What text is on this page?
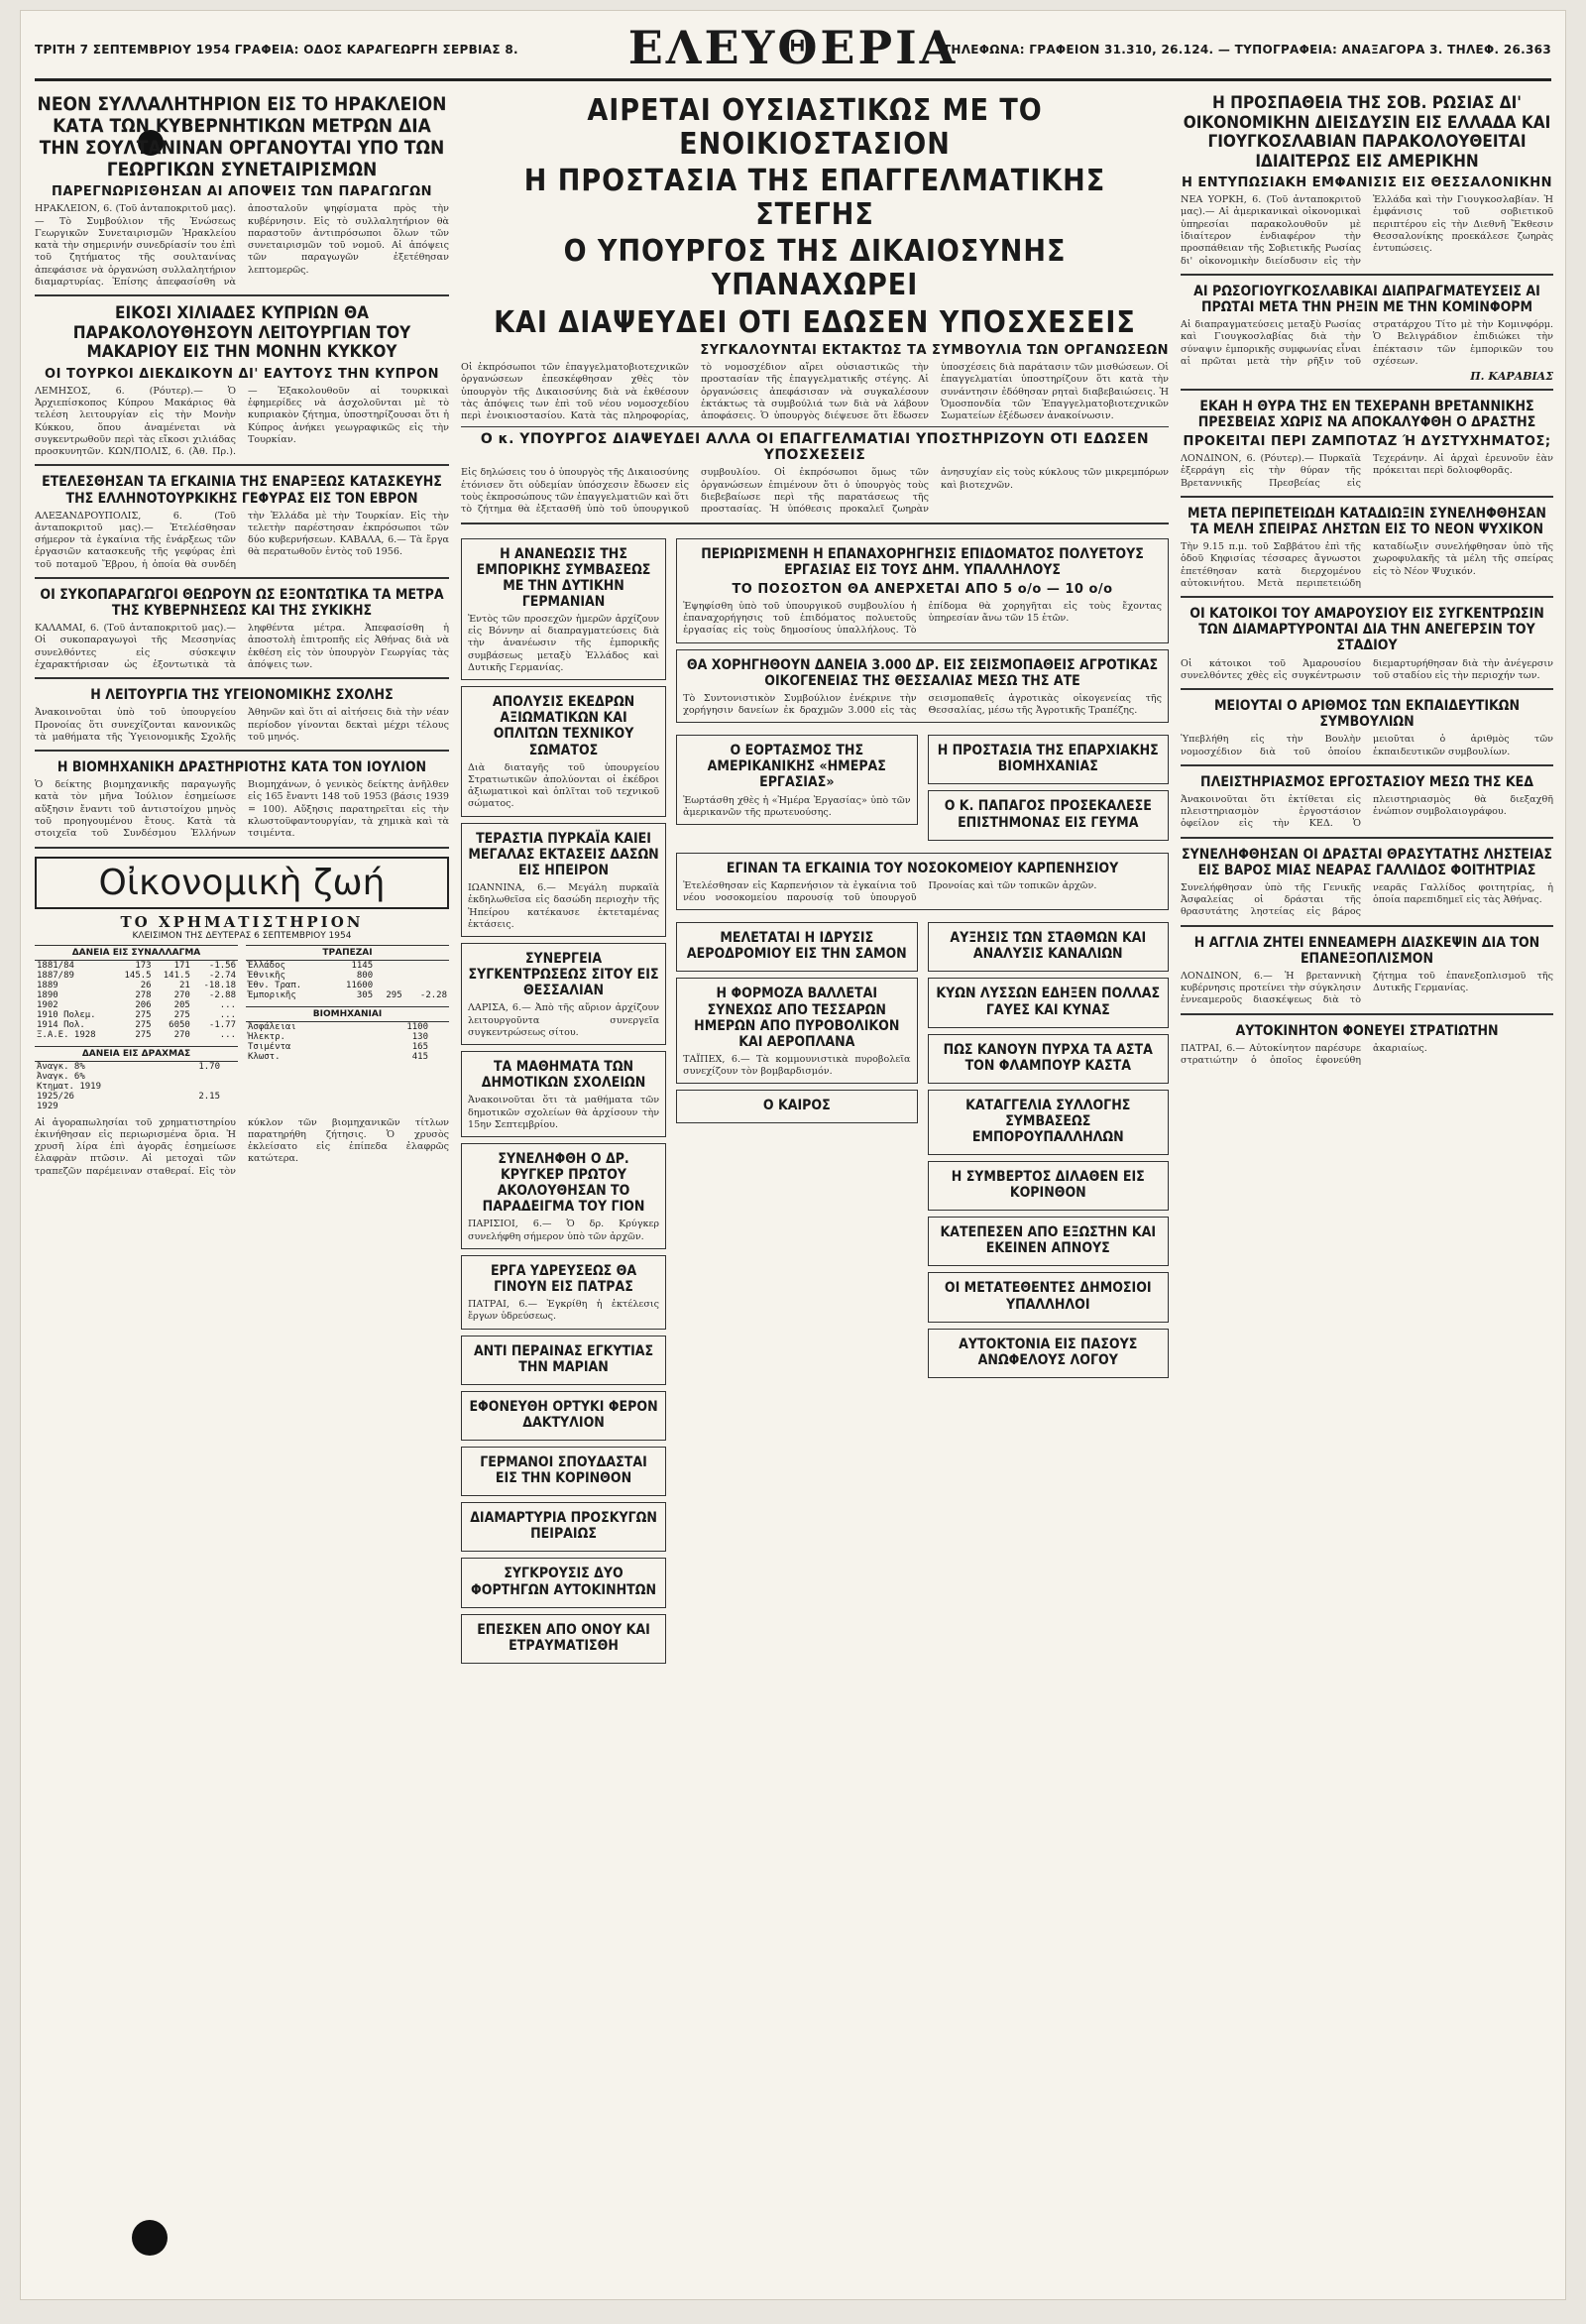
ΤΡΙΤΗ 7 ΣΕΠΤΕΜΒΡΙΟΥ 1954 ΓΡΑΦΕΙΑ: ΟΔΟΣ ΚΑΡΑΓΕΩΡΓΗ ΣΕΡΒΙΑΣ 8.	ΕΛΕΥΘΕΡΙΑ
ΤΗΛΕΦΩΝΑ: ΓΡΑΦΕΙΟΝ 31.310, 26.124. — ΤΥΠΟΓΡΑΦΕΙΑ: ΑΝΑΞΑΓΟΡΑ 3. ΤΗΛΕΦ. 26.363
ΝΕΟΝ ΣΥΛΛΑΛΗΤΗΡΙΟΝ ΕΙΣ ΤΟ ΗΡΑΚΛΕΙΟΝ ΚΑΤΑ ΤΩΝ ΚΥΒΕΡΝΗΤΙΚΩΝ ΜΕΤΡΩΝ ΔΙΑ ΤΗΝ ΣΟΥΛΤΑΝΙΝΑΝ ΟΡΓΑΝΟΥΤΑΙ ΥΠΟ ΤΩΝ ΓΕΩΡΓΙΚΩΝ ΣΥΝΕΤΑΙΡΙΣΜΩΝ
ΠΑΡΕΓΝΩΡΙΣΘΗΣΑΝ ΑΙ ΑΠΟΨΕΙΣ ΤΩΝ ΠΑΡΑΓΩΓΩΝ
ΗΡΑΚΛΕΙΟΝ, 6. (Τοῦ ἀνταποκριτοῦ μας).— Τὸ Συμβούλιον τῆς Ἑνώσεως Γεωργικῶν Συνεταιρισμῶν Ἡρακλείου κατὰ τὴν σημερινήν συνεδρίασίν του ἐπὶ τοῦ ζητήματος τῆς σουλτανίνας ἀπεφάσισε νὰ ὀργανώση συλλαλητήριον διαμαρτυρίας. Ἐπίσης ἀπεφασίσθη νὰ ἀποσταλοῦν ψηφίσματα πρὸς τὴν κυβέρνησιν. Εἰς τὸ συλλαλητήριον θὰ παραστοῦν ἀντιπρόσωποι ὅλων τῶν συνεταιρισμῶν τοῦ νομοῦ. Αἱ ἀπόψεις τῶν παραγωγῶν ἐξετέθησαν λεπτομερῶς.
ΕΙΚΟΣΙ ΧΙΛΙΑΔΕΣ ΚΥΠΡΙΩΝ ΘΑ ΠΑΡΑΚΟΛΟΥΘΗΣΟΥΝ ΛΕΙΤΟΥΡΓΙΑΝ ΤΟΥ ΜΑΚΑΡΙΟΥ ΕΙΣ ΤΗΝ ΜΟΝΗΝ ΚΥΚΚΟΥ
ΟΙ ΤΟΥΡΚΟΙ ΔΙΕΚΔΙΚΟΥΝ ΔΙ' ΕΑΥΤΟΥΣ ΤΗΝ ΚΥΠΡΟΝ
ΛΕΜΗΣΟΣ, 6. (Ρόυτερ).— Ὁ Ἀρχιεπίσκοπος Κύπρου Μακάριος θὰ τελέση λειτουργίαν εἰς τὴν Μονὴν Κύκκου, ὅπου ἀναμένεται νὰ συγκεντρωθοῦν περὶ τὰς εἴκοσι χιλιάδας προσκυνητῶν. ΚΩΝ/ΠΟΛΙΣ, 6. (Ἀθ. Πρ.).— Ἐξακολουθοῦν αἱ τουρκικαὶ ἐφημερίδες νὰ ἀσχολοῦνται μὲ τὸ κυπριακὸν ζήτημα, ὑποστηρίζουσαι ὅτι ἡ Κύπρος ἀνήκει γεωγραφικῶς εἰς τὴν Τουρκίαν.
ΕΤΕΛΕΣΘΗΣΑΝ ΤΑ ΕΓΚΑΙΝΙΑ ΤΗΣ ΕΝΑΡΞΕΩΣ ΚΑΤΑΣΚΕΥΗΣ ΤΗΣ ΕΛΛΗΝΟΤΟΥΡΚΙΚΗΣ ΓΕΦΥΡΑΣ ΕΙΣ ΤΟΝ ΕΒΡΟΝ
ΑΛΕΞΑΝΔΡΟΥΠΟΛΙΣ, 6. (Τοῦ ἀνταποκριτοῦ μας).— Ἐτελέσθησαν σήμερον τὰ ἐγκαίνια τῆς ἐνάρξεως τῶν ἐργασιῶν κατασκευῆς τῆς γεφύρας ἐπὶ τοῦ ποταμοῦ Ἔβρου, ἡ ὁποία θὰ συνδέη τὴν Ἑλλάδα μὲ τὴν Τουρκίαν. Εἰς τὴν τελετὴν παρέστησαν ἐκπρόσωποι τῶν δύο κυβερνήσεων. ΚΑΒΑΛΑ, 6.— Τὰ ἔργα θὰ περατωθοῦν ἐντὸς τοῦ 1956.
ΟΙ ΣΥΚΟΠΑΡΑΓΩΓΟΙ ΘΕΩΡΟΥΝ ΩΣ ΕΞΟΝΤΩΤΙΚΑ ΤΑ ΜΕΤΡΑ ΤΗΣ ΚΥΒΕΡΝΗΣΕΩΣ ΚΑΙ ΤΗΣ ΣΥΚΙΚΗΣ
ΚΑΛΑΜΑΙ, 6. (Τοῦ ἀνταποκριτοῦ μας).— Οἱ συκοπαραγωγοὶ τῆς Μεσσηνίας συνελθόντες εἰς σύσκεψιν ἐχαρακτήρισαν ὡς ἐξοντωτικὰ τὰ ληφθέντα μέτρα. Ἀπεφασίσθη ἡ ἀποστολὴ ἐπιτροπῆς εἰς Ἀθήνας διὰ νὰ ἐκθέση εἰς τὸν ὑπουργὸν Γεωργίας τὰς ἀπόψεις των.
Η ΛΕΙΤΟΥΡΓΙΑ ΤΗΣ ΥΓΕΙΟΝΟΜΙΚΗΣ ΣΧΟΛΗΣ
Ἀνακοινοῦται ὑπὸ τοῦ ὑπουργείου Προνοίας ὅτι συνεχίζονται κανονικῶς τὰ μαθήματα τῆς Ὑγειονομικῆς Σχολῆς Ἀθηνῶν καὶ ὅτι αἱ αἰτήσεις διὰ τὴν νέαν περίοδον γίνονται δεκταὶ μέχρι τέλους τοῦ μηνός.
Η ΒΙΟΜΗΧΑΝΙΚΗ ΔΡΑΣΤΗΡΙΟΤΗΣ ΚΑΤΑ ΤΟΝ ΙΟΥΛΙΟΝ
Ὁ δείκτης βιομηχανικῆς παραγωγῆς κατὰ τὸν μῆνα Ἰούλιον ἐσημείωσε αὔξησιν ἔναντι τοῦ ἀντιστοίχου μηνὸς τοῦ προηγουμένου ἔτους. Κατὰ τὰ στοιχεῖα τοῦ Συνδέσμου Ἑλλήνων Βιομηχάνων, ὁ γενικὸς δείκτης ἀνῆλθεν εἰς 165 ἔναντι 148 τοῦ 1953 (βάσις 1939 = 100). Αὔξησις παρατηρεῖται εἰς τὴν κλωστοϋφαντουργίαν, τὰ χημικὰ καὶ τὰ τσιμέντα.
Οἰκονομικὴ ζωή
ΤΟ ΧΡΗΜΑΤΙΣΤΗΡΙΟΝ
ΚΛΕΙΣΙΜΟΝ ΤΗΣ ΔΕΥΤΕΡΑΣ 6 ΣΕΠΤΕΜΒΡΙΟΥ 1954
ΔΑΝΕΙΑ ΕΙΣ ΣΥΝΑΛΛΑΓΜΑ			
1881/84	173	171	-1.56
1887/89	145.5	141.5	-2.74
1889	26	21	-18.18
1890	278	270	-2.88
1902	206	205	...
1910 Πολεμ.	275	275	...
1914 Πολ.	275	6050	-1.77
Ξ.Α.Ε. 1928	275	270	...
ΔΑΝΕΙΑ ΕΙΣ ΔΡΑΧΜΑΣ			
Ἀναγκ. 8%	1.70		
Ἀναγκ. 6%			
Κτηματ. 1919			
1925/26	2.15		
1929			
ΤΡΑΠΕΖΑΙ			
Ἑλλάδος	1145		
Ἐθνικῆς	800		
Ἐθν. Τραπ.	11600		
Ἐμπορικῆς	305	295	-2.28
ΒΙΟΜΗΧΑΝΙΑΙ			
Ἀσφάλειαι	1100		
Ἠλεκτρ.	130		
Τσιμέντα	165		
Κλωστ.	415		
Αἱ ἀγοραπωλησίαι τοῦ χρηματιστηρίου ἐκινήθησαν εἰς περιωρισμένα ὅρια. Ἡ χρυσῆ λίρα ἐπὶ ἀγορᾶς ἐσημείωσε ἐλαφρὰν πτῶσιν. Αἱ μετοχαὶ τῶν τραπεζῶν παρέμειναν σταθεραί. Εἰς τὸν κύκλον τῶν βιομηχανικῶν τίτλων παρατηρήθη ζήτησις. Ὁ χρυσὸς ἐκλείσατο εἰς ἐπίπεδα ἐλαφρῶς κατώτερα.
ΑΙΡΕΤΑΙ ΟΥΣΙΑΣΤΙΚΩΣ ΜΕ ΤΟ ΕΝΟΙΚΙΟΣΤΑΣΙΟΝ
Η ΠΡΟΣΤΑΣΙΑ ΤΗΣ ΕΠΑΓΓΕΛΜΑΤΙΚΗΣ ΣΤΕΓΗΣ
Ο ΥΠΟΥΡΓΟΣ ΤΗΣ ΔΙΚΑΙΟΣΥΝΗΣ ΥΠΑΝΑΧΩΡΕΙ
ΚΑΙ ΔΙΑΨΕΥΔΕΙ ΟΤΙ ΕΔΩΣΕΝ ΥΠΟΣΧΕΣΕΙΣ
ΣΥΓΚΑΛΟΥΝΤΑΙ ΕΚΤΑΚΤΩΣ ΤΑ ΣΥΜΒΟΥΛΙΑ ΤΩΝ ΟΡΓΑΝΩΣΕΩΝ
Οἱ ἐκπρόσωποι τῶν ἐπαγγελματοβιοτεχνικῶν ὀργανώσεων ἐπεσκέφθησαν χθὲς τὸν ὑπουργὸν τῆς Δικαιοσύνης διὰ νὰ ἐκθέσουν τὰς ἀπόψεις των ἐπὶ τοῦ νέου νομοσχεδίου περὶ ἐνοικιοστασίου. Κατὰ τὰς πληροφορίας, τὸ νομοσχέδιον αἴρει οὐσιαστικῶς τὴν προστασίαν τῆς ἐπαγγελματικῆς στέγης. Αἱ ὀργανώσεις ἀπεφάσισαν νὰ συγκαλέσουν ἐκτάκτως τὰ συμβούλιά των διὰ νὰ λάβουν ἀποφάσεις. Ὁ ὑπουργὸς διέψευσε ὅτι ἔδωσεν ὑποσχέσεις διὰ παράτασιν τῶν μισθώσεων. Οἱ ἐπαγγελματίαι ὑποστηρίζουν ὅτι κατὰ τὴν συνάντησιν ἐδόθησαν ρηταὶ διαβεβαιώσεις. Ἡ Ὁμοσπονδία τῶν Ἐπαγγελματοβιοτεχνικῶν Σωματείων ἐξέδωσεν ἀνακοίνωσιν.
Ο κ. ΥΠΟΥΡΓΟΣ ΔΙΑΨΕΥΔΕΙ ΑΛΛΑ ΟΙ ΕΠΑΓΓΕΛΜΑΤΙΑΙ ΥΠΟΣΤΗΡΙΖΟΥΝ ΟΤΙ ΕΔΩΣΕΝ ΥΠΟΣΧΕΣΕΙΣ
Εἰς δηλώσεις του ὁ ὑπουργὸς τῆς Δικαιοσύνης ἐτόνισεν ὅτι οὐδεμίαν ὑπόσχεσιν ἔδωσεν εἰς τοὺς ἐκπροσώπους τῶν ἐπαγγελματιῶν καὶ ὅτι τὸ ζήτημα θὰ ἐξετασθῆ ὑπὸ τοῦ ὑπουργικοῦ συμβουλίου. Οἱ ἐκπρόσωποι ὅμως τῶν ὀργανώσεων ἐπιμένουν ὅτι ὁ ὑπουργὸς τοὺς διεβεβαίωσε περὶ τῆς παρατάσεως τῆς προστασίας. Ἡ ὑπόθεσις προκαλεῖ ζωηρὰν ἀνησυχίαν εἰς τοὺς κύκλους τῶν μικρεμπόρων καὶ βιοτεχνῶν.
Η ΑΝΑΝΕΩΣΙΣ ΤΗΣ ΕΜΠΟΡΙΚΗΣ ΣΥΜΒΑΣΕΩΣ ΜΕ ΤΗΝ ΔΥΤΙΚΗΝ ΓΕΡΜΑΝΙΑΝ
Ἐντὸς τῶν προσεχῶν ἡμερῶν ἀρχίζουν εἰς Βόννην αἱ διαπραγματεύσεις διὰ τὴν ἀνανέωσιν τῆς ἐμπορικῆς συμβάσεως μεταξὺ Ἑλλάδος καὶ Δυτικῆς Γερμανίας.
ΑΠΟΛΥΣΙΣ ΕΚΕΔΡΩΝ ΑΞΙΩΜΑΤΙΚΩΝ ΚΑΙ ΟΠΛΙΤΩΝ ΤΕΧΝΙΚΟΥ ΣΩΜΑΤΟΣ
Διὰ διαταγῆς τοῦ ὑπουργείου Στρατιωτικῶν ἀπολύονται οἱ ἐκέδροι ἀξιωματικοὶ καὶ ὁπλῖται τοῦ τεχνικοῦ σώματος.
ΤΕΡΑΣΤΙΑ ΠΥΡΚΑΪΑ ΚΑΙΕΙ ΜΕΓΑΛΑΣ ΕΚΤΑΣΕΙΣ ΔΑΣΩΝ ΕΙΣ ΗΠΕΙΡΟΝ
ΙΩΑΝΝΙΝΑ, 6.— Μεγάλη πυρκαϊὰ ἐκδηλωθεῖσα εἰς δασώδη περιοχὴν τῆς Ἠπείρου κατέκαυσε ἐκτεταμένας ἐκτάσεις.
ΣΥΝΕΡΓΕΙΑ ΣΥΓΚΕΝΤΡΩΣΕΩΣ ΣΙΤΟΥ ΕΙΣ ΘΕΣΣΑΛΙΑΝ
ΛΑΡΙΣΑ, 6.— Ἀπὸ τῆς αὔριον ἀρχίζουν λειτουργοῦντα συνεργεῖα συγκεντρώσεως σίτου.
ΤΑ ΜΑΘΗΜΑΤΑ ΤΩΝ ΔΗΜΟΤΙΚΩΝ ΣΧΟΛΕΙΩΝ
Ἀνακοινοῦται ὅτι τὰ μαθήματα τῶν δημοτικῶν σχολείων θὰ ἀρχίσουν τὴν 15ην Σεπτεμβρίου.
ΣΥΝΕΛΗΦΘΗ Ο ΔΡ. ΚΡΥΓΚΕΡ ΠΡΩΤΟΥ ΑΚΟΛΟΥΘΗΣΑΝ ΤΟ ΠΑΡΑΔΕΙΓΜΑ ΤΟΥ ΓΙΟΝ
ΠΑΡΙΣΙΟΙ, 6.— Ὁ δρ. Κρύγκερ συνελήφθη σήμερον ὑπὸ τῶν ἀρχῶν.
ΕΡΓΑ ΥΔΡΕΥΣΕΩΣ ΘΑ ΓΙΝΟΥΝ ΕΙΣ ΠΑΤΡΑΣ
ΠΑΤΡΑΙ, 6.— Ἐγκρίθη ἡ ἐκτέλεσις ἔργων ὑδρεύσεως.
ΑΝΤΙ ΠΕΡΑΙΝΑΣ ΕΓΚΥΤΙΑΣ ΤΗΝ ΜΑΡΙΑΝ
ΕΦΟΝΕΥΘΗ ΟΡΤΥΚΙ ΦΕΡΟΝ ΔΑΚΤΥΛΙΟΝ
ΓΕΡΜΑΝΟΙ ΣΠΟΥΔΑΣΤΑΙ ΕΙΣ ΤΗΝ ΚΟΡΙΝΘΟΝ
ΔΙΑΜΑΡΤΥΡΙΑ ΠΡΟΣΚΥΓΩΝ ΠΕΙΡΑΙΩΣ
ΣΥΓΚΡΟΥΣΙΣ ΔΥΟ ΦΟΡΤΗΓΩΝ ΑΥΤΟΚΙΝΗΤΩΝ
ΕΠΕΣΚΕΝ ΑΠΟ ΟΝΟΥ ΚΑΙ ΕΤΡΑΥΜΑΤΙΣΘΗ
ΠΕΡΙΩΡΙΣΜΕΝΗ Η ΕΠΑΝΑΧΟΡΗΓΗΣΙΣ ΕΠΙΔΟΜΑΤΟΣ ΠΟΛΥΕΤΟΥΣ ΕΡΓΑΣΙΑΣ ΕΙΣ ΤΟΥΣ ΔΗΜ. ΥΠΑΛΛΗΛΟΥΣ
ΤΟ ΠΟΣΟΣΤΟΝ ΘΑ ΑΝΕΡΧΕΤΑΙ ΑΠΟ 5 ο/ο — 10 ο/ο
Ἐψηφίσθη ὑπὸ τοῦ ὑπουργικοῦ συμβουλίου ἡ ἐπαναχορήγησις τοῦ ἐπιδόματος πολυετοῦς ἐργασίας εἰς τοὺς δημοσίους ὑπαλλήλους. Τὸ ἐπίδομα θὰ χορηγῆται εἰς τοὺς ἔχοντας ὑπηρεσίαν ἄνω τῶν 15 ἐτῶν.
ΘΑ ΧΟΡΗΓΗΘΟΥΝ ΔΑΝΕΙΑ 3.000 ΔΡ. ΕΙΣ ΣΕΙΣΜΟΠΑΘΕΙΣ ΑΓΡΟΤΙΚΑΣ ΟΙΚΟΓΕΝΕΙΑΣ ΤΗΣ ΘΕΣΣΑΛΙΑΣ ΜΕΣΩ ΤΗΣ ΑΤΕ
Τὸ Συντονιστικὸν Συμβούλιον ἐνέκρινε τὴν χορήγησιν δανείων ἐκ δραχμῶν 3.000 εἰς τὰς σεισμοπαθεῖς ἀγροτικὰς οἰκογενείας τῆς Θεσσαλίας, μέσω τῆς Ἀγροτικῆς Τραπέζης.
Ο ΕΟΡΤΑΣΜΟΣ ΤΗΣ ΑΜΕΡΙΚΑΝΙΚΗΣ «ΗΜΕΡΑΣ ΕΡΓΑΣΙΑΣ»
Ἐωρτάσθη χθὲς ἡ «Ἡμέρα Ἐργασίας» ὑπὸ τῶν ἀμερικανῶν τῆς πρωτευούσης.
Η ΠΡΟΣΤΑΣΙΑ ΤΗΣ ΕΠΑΡΧΙΑΚΗΣ ΒΙΟΜΗΧΑΝΙΑΣ
Ο Κ. ΠΑΠΑΓΟΣ ΠΡΟΣΕΚΑΛΕΣΕ ΕΠΙΣΤΗΜΟΝΑΣ ΕΙΣ ΓΕΥΜΑ
ΕΓΙΝΑΝ ΤΑ ΕΓΚΑΙΝΙΑ ΤΟΥ ΝΟΣΟΚΟΜΕΙΟΥ ΚΑΡΠΕΝΗΣΙΟΥ
Ἐτελέσθησαν εἰς Καρπενήσιον τὰ ἐγκαίνια τοῦ νέου νοσοκομείου παρουσίᾳ τοῦ ὑπουργοῦ Προνοίας καὶ τῶν τοπικῶν ἀρχῶν.
ΜΕΛΕΤΑΤΑΙ Η ΙΔΡΥΣΙΣ ΑΕΡΟΔΡΟΜΙΟΥ ΕΙΣ ΤΗΝ ΣΑΜΟΝ
Η ΦΟΡΜΟΖΑ ΒΑΛΛΕΤΑΙ ΣΥΝΕΧΩΣ ΑΠΟ ΤΕΣΣΑΡΩΝ ΗΜΕΡΩΝ ΑΠΟ ΠΥΡΟΒΟΛΙΚΟΝ ΚΑΙ ΑΕΡΟΠΛΑΝΑ
ΤΑΪΠΕΧ, 6.— Τὰ κομμουνιστικὰ πυροβολεῖα συνεχίζουν τὸν βομβαρδισμόν.
Ο ΚΑΙΡΟΣ
ΑΥΞΗΣΙΣ ΤΩΝ ΣΤΑΘΜΩΝ ΚΑΙ ΑΝΑΛΥΣΙΣ ΚΑΝΑΛΙΩΝ
ΚΥΩΝ ΛΥΣΣΩΝ ΕΔΗΞΕΝ ΠΟΛΛΑΣ ΓΑΥΕΣ ΚΑΙ ΚΥΝΑΣ
ΠΩΣ ΚΑΝΟΥΝ ΠΥΡΧΑ ΤΑ ΑΣΤΑ ΤΟΝ ΦΛΑΜΠΟΥΡ ΚΑΣΤΑ
ΚΑΤΑΓΓΕΛΙΑ ΣΥΛΛΟΓΗΣ ΣΥΜΒΑΣΕΩΣ ΕΜΠΟΡΟΥΠΑΛΛΗΛΩΝ
Η ΣΥΜΒΕΡΤΟΣ ΔΙΛΑΘΕΝ ΕΙΣ ΚΟΡΙΝΘΟΝ
ΚΑΤΕΠΕΣΕΝ ΑΠΟ ΕΞΩΣΤΗΝ ΚΑΙ ΕΚΕΙΝΕΝ ΑΠΝΟΥΣ
ΟΙ ΜΕΤΑΤΕΘΕΝΤΕΣ ΔΗΜΟΣΙΟΙ ΥΠΑΛΛΗΛΟΙ
ΑΥΤΟΚΤΟΝΙΑ ΕΙΣ ΠΑΣΟΥΣ ΑΝΩΦΕΛΟΥΣ ΛΟΓΟΥ
Η ΠΡΟΣΠΑΘΕΙΑ ΤΗΣ ΣΟΒ. ΡΩΣΙΑΣ ΔΙ' ΟΙΚΟΝΟΜΙΚΗΝ ΔΙΕΙΣΔΥΣΙΝ ΕΙΣ ΕΛΛΑΔΑ ΚΑΙ ΓΙΟΥΓΚΟΣΛΑΒΙΑΝ ΠΑΡΑΚΟΛΟΥΘΕΙΤΑΙ ΙΔΙΑΙΤΕΡΩΣ ΕΙΣ ΑΜΕΡΙΚΗΝ
Η ΕΝΤΥΠΩΣΙΑΚΗ ΕΜΦΑΝΙΣΙΣ ΕΙΣ ΘΕΣΣΑΛΟΝΙΚΗΝ
ΝΕΑ ΥΟΡΚΗ, 6. (Τοῦ ἀνταποκριτοῦ μας).— Αἱ ἀμερικανικαὶ οἰκονομικαὶ ὑπηρεσίαι παρακολουθοῦν μὲ ἰδιαίτερον ἐνδιαφέρον τὴν προσπάθειαν τῆς Σοβιετικῆς Ρωσίας δι' οἰκονομικὴν διείσδυσιν εἰς τὴν Ἑλλάδα καὶ τὴν Γιουγκοσλαβίαν. Ἡ ἐμφάνισις τοῦ σοβιετικοῦ περιπτέρου εἰς τὴν Διεθνῆ Ἔκθεσιν Θεσσαλονίκης προεκάλεσε ζωηρὰς ἐντυπώσεις.
ΑΙ ΡΩΣΟΓΙΟΥΓΚΟΣΛΑΒΙΚΑΙ ΔΙΑΠΡΑΓΜΑΤΕΥΣΕΙΣ ΑΙ ΠΡΩΤΑΙ ΜΕΤΑ ΤΗΝ ΡΗΞΙΝ ΜΕ ΤΗΝ ΚΟΜΙΝΦΟΡΜ
Αἱ διαπραγματεύσεις μεταξὺ Ρωσίας καὶ Γιουγκοσλαβίας διὰ τὴν σύναψιν ἐμπορικῆς συμφωνίας εἶναι αἱ πρῶται μετὰ τὴν ρῆξιν τοῦ στρατάρχου Τίτο μὲ τὴν Κομινφόρμ. Ὁ Βελιγράδιον ἐπιδιώκει τὴν ἐπέκτασιν τῶν ἐμπορικῶν του σχέσεων.
Π. ΚΑΡΑΒΙΑΣ
ΕΚΑΗ Η ΘΥΡΑ ΤΗΣ ΕΝ ΤΕΧΕΡΑΝΗ ΒΡΕΤΑΝΝΙΚΗΣ ΠΡΕΣΒΕΙΑΣ ΧΩΡΙΣ ΝΑ ΑΠΟΚΑΛΥΦΘΗ Ο ΔΡΑΣΤΗΣ
ΠΡΟΚΕΙΤΑΙ ΠΕΡΙ ΖΑΜΠΟΤΑΖ Ή ΔΥΣΤΥΧΗΜΑΤΟΣ;
ΛΟΝΔΙΝΟΝ, 6. (Ρόυτερ).— Πυρκαϊὰ ἐξερράγη εἰς τὴν θύραν τῆς Βρεταννικῆς Πρεσβείας εἰς Τεχεράνην. Αἱ ἀρχαὶ ἐρευνοῦν ἐὰν πρόκειται περὶ δολιοφθορᾶς.
ΜΕΤΑ ΠΕΡΙΠΕΤΕΙΩΔΗ ΚΑΤΑΔΙΩΞΙΝ ΣΥΝΕΛΗΦΘΗΣΑΝ ΤΑ ΜΕΛΗ ΣΠΕΙΡΑΣ ΛΗΣΤΩΝ ΕΙΣ ΤΟ ΝΕΟΝ ΨΥΧΙΚΟΝ
Τὴν 9.15 π.μ. τοῦ Σαββάτου ἐπὶ τῆς ὁδοῦ Κηφισίας τέσσαρες ἄγνωστοι ἐπετέθησαν κατὰ διερχομένου αὐτοκινήτου. Μετὰ περιπετειώδη καταδίωξιν συνελήφθησαν ὑπὸ τῆς χωροφυλακῆς τὰ μέλη τῆς σπείρας εἰς τὸ Νέον Ψυχικόν.
ΟΙ ΚΑΤΟΙΚΟΙ ΤΟΥ ΑΜΑΡΟΥΣΙΟΥ ΕΙΣ ΣΥΓΚΕΝΤΡΩΣΙΝ ΤΩΝ ΔΙΑΜΑΡΤΥΡΟΝΤΑΙ ΔΙΑ ΤΗΝ ΑΝΕΓΕΡΣΙΝ ΤΟΥ ΣΤΑΔΙΟΥ
Οἱ κάτοικοι τοῦ Ἀμαρουσίου συνελθόντες χθὲς εἰς συγκέντρωσιν διεμαρτυρήθησαν διὰ τὴν ἀνέγερσιν τοῦ σταδίου εἰς τὴν περιοχήν των.
ΜΕΙΟΥΤΑΙ Ο ΑΡΙΘΜΟΣ ΤΩΝ ΕΚΠΑΙΔΕΥΤΙΚΩΝ ΣΥΜΒΟΥΛΙΩΝ
Ὑπεβλήθη εἰς τὴν Βουλὴν νομοσχέδιον διὰ τοῦ ὁποίου μειοῦται ὁ ἀριθμὸς τῶν ἐκπαιδευτικῶν συμβουλίων.
ΠΛΕΙΣΤΗΡΙΑΣΜΟΣ ΕΡΓΟΣΤΑΣΙΟΥ ΜΕΣΩ ΤΗΣ ΚΕΔ
Ἀνακοινοῦται ὅτι ἐκτίθεται εἰς πλειστηριασμὸν ἐργοστάσιον ὀφείλον εἰς τὴν ΚΕΔ. Ὁ πλειστηριασμὸς θὰ διεξαχθῆ ἐνώπιον συμβολαιογράφου.
ΣΥΝΕΛΗΦΘΗΣΑΝ ΟΙ ΔΡΑΣΤΑΙ ΘΡΑΣΥΤΑΤΗΣ ΛΗΣΤΕΙΑΣ ΕΙΣ ΒΑΡΟΣ ΜΙΑΣ ΝΕΑΡΑΣ ΓΑΛΛΙΔΟΣ ΦΟΙΤΗΤΡΙΑΣ
Συνελήφθησαν ὑπὸ τῆς Γενικῆς Ἀσφαλείας οἱ δράσται τῆς θρασυτάτης ληστείας εἰς βάρος νεαρᾶς Γαλλίδος φοιτητρίας, ἡ ὁποία παρεπιδημεῖ εἰς τὰς Ἀθήνας.
Η ΑΓΓΛΙΑ ΖΗΤΕΙ ΕΝΝΕΑΜΕΡΗ ΔΙΑΣΚΕΨΙΝ ΔΙΑ ΤΟΝ ΕΠΑΝΕΞΟΠΛΙΣΜΟΝ
ΛΟΝΔΙΝΟΝ, 6.— Ἡ βρεταννικὴ κυβέρνησις προτείνει τὴν σύγκλησιν ἐννεαμεροῦς διασκέψεως διὰ τὸ ζήτημα τοῦ ἐπανεξοπλισμοῦ τῆς Δυτικῆς Γερμανίας.
ΑΥΤΟΚΙΝΗΤΟΝ ΦΟΝΕΥΕΙ ΣΤΡΑΤΙΩΤΗΝ
ΠΑΤΡΑΙ, 6.— Αὐτοκίνητον παρέσυρε στρατιώτην ὁ ὁποῖος ἐφονεύθη ἀκαριαίως.
